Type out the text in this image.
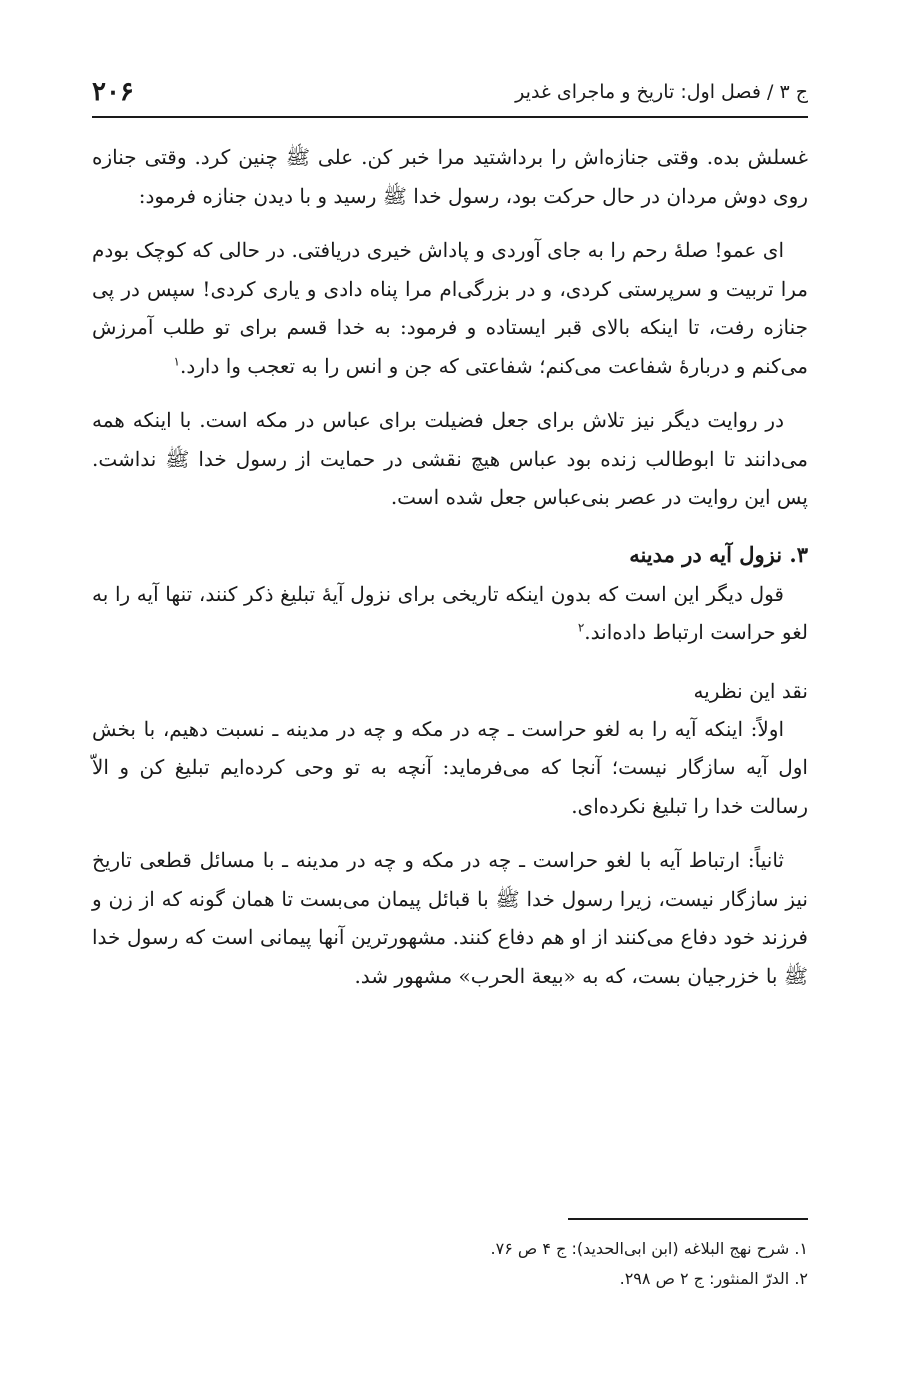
ج ۳ / فصل اول: تاریخ و ماجرای غدیر
۲۰۶

غسلش بده. وقتی جنازه‌اش را برداشتید مرا خبر کن. علی ﷺ چنین کرد. وقتی جنازه روی دوش مردان در حال حرکت بود، رسول خدا ﷺ رسید و با دیدن جنازه فرمود:

ای عمو! صلهٔ رحم را به جای آوردی و پاداش خیری دریافتی. در حالی که کوچک بودم مرا تربیت و سرپرستی کردی، و در بزرگی‌ام مرا پناه دادی و یاری کردی! سپس در پی جنازه رفت، تا اینکه بالای قبر ایستاده و فرمود: به خدا قسم برای تو طلب آمرزش می‌کنم و دربارهٔ شفاعت می‌کنم؛ شفاعتی که جن و انس را به تعجب وا دارد.$^۱$

در روایت دیگر نیز تلاش برای جعل فضیلت برای عباس در مکه است. با اینکه همه می‌دانند تا ابوطالب زنده بود عباس هیچ نقشی در حمایت از رسول خدا ﷺ نداشت. پس این روایت در عصر بنی‌عباس جعل شده است.

۳. نزول آیه در مدینه

قول دیگر این است که بدون اینکه تاریخی برای نزول آیهٔ تبلیغ ذکر کنند، تنها آیه را به لغو حراست ارتباط داده‌اند.$^۲$

نقد این نظریه

اولاً: اینکه آیه را به لغو حراست ـ چه در مکه و چه در مدینه ـ نسبت دهیم، با بخش اول آیه سازگار نیست؛ آنجا که می‌فرماید: آنچه به تو وحی کرده‌ایم تبلیغ کن و الاّ رسالت خدا را تبلیغ نکرده‌ای.

ثانیاً: ارتباط آیه با لغو حراست ـ چه در مکه و چه در مدینه ـ با مسائل قطعی تاریخ نیز سازگار نیست، زیرا رسول خدا ﷺ با قبائل پیمان می‌بست تا همان گونه که از زن و فرزند خود دفاع می‌کنند از او هم دفاع کنند. مشهورترین آنها پیمانی است که رسول خدا ﷺ با خزرجیان بست، که به «بیعة الحرب» مشهور شد.

۱. شرح نهج البلاغه (ابن ابی‌الحدید): ج ۴ ص ۷۶.
۲. الدرّ المنثور: ج ۲ ص ۲۹۸.
